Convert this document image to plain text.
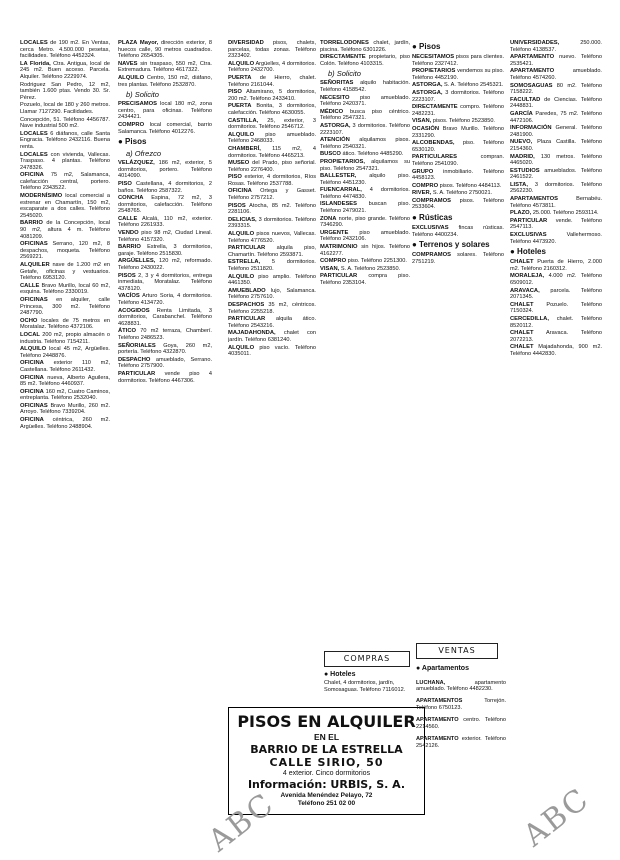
LOCALES de 190 m2. En Ventas, cerca Metro. 4.500.000 pesetas, facilidades. Teléfono 4452324.

LA Florida, Ctra. Antigua, local de 245 m2. Buen acceso. Parcela. Alquiler. Teléfono 2229974.

Rodriguez San Pedro, 12 m2, también 1.600 ptas. Vendo 30. Sr. Pérez.

Pozuelo, local de 180 y 260 metros. Llamar 7127290. Facilidades.

Concepción, 51. Teléfono 4456787. Nave industrial 500 m2.

LOCALES 6 diáfanos, calle Santa Engracia. Teléfono 2432116. Buena renta.

LOCALES con vivienda, Vallecas. Traspaso. 4 plantas. Teléfono 2478326.

OFICINA 75 m2, Salamanca, calefacción central, portero. Teléfono 2343522.

MODERNÍSIMO local comercial a estrenar en Chamartín, 150 m2, escaparate a dos calles. Teléfono 2545020.

BARRIO de la Concepción, local 90 m2, altura 4 m. Teléfono 4081209.

OFICINAS Serrano, 120 m2, 8 despachos, moqueta. Teléfono 2569221.

ALQUILER nave de 1.200 m2 en Getafe, oficinas y vestuarios. Teléfono 6953120.

CALLE Bravo Murillo, local 60 m2, esquina. Teléfono 2330019.

OFICINAS en alquiler, calle Princesa, 300 m2. Teléfono 2487790.

OCHO locales de 75 metros en Moratalaz. Teléfono 4372106.

LOCAL 200 m2, propio almacén o industria. Teléfono 7154211.

ALQUILO local 45 m2, Argüelles. Teléfono 2448876.

OFICINA exterior 110 m2, Castellana. Teléfono 2611432.

OFICINA nueva, Alberto Aguilera, 85 m2. Teléfono 4460937.

OFICINA 160 m2, Cuatro Caminos, entreplanta. Teléfono 2532040.

OFICINAS Bravo Murillo, 260 m2. Arroyo. Teléfono 7339204.

OFICINA céntrica, 260 m2. Argüelles. Teléfono 2488904.

PLAZA Mayor, dirección exterior, 8 huecos calle, 90 metros cuadrados. Teléfono 2654305.

NAVES sin traspaso, 550 m2, Ctra. Extremadura. Teléfono 4617322.

ALQUILO Centro, 150 m2, diáfano, tres plantas. Teléfono 2532870.

b) Solicito

PRECISAMOS local 180 m2, zona centro, para oficinas. Teléfono 2434421.

COMPRO local comercial, barrio Salamanca. Teléfono 4012276.

● Pisos
a) Ofrezco

VELÁZQUEZ, 186 m2, exterior, 5 dormitorios, portero. Teléfono 4014090.

PISO Castellana, 4 dormitorios, 2 baños. Teléfono 2587322.

CONCHA Espina, 72 m2, 3 dormitorios, calefacción. Teléfono 2548765.

CALLE Alcalá, 110 m2, exterior. Teléfono 2261933.

VENDO piso 98 m2, Ciudad Lineal. Teléfono 4157320.

BARRIO Estrella, 3 dormitorios, garaje. Teléfono 2515830.

ARGÜELLES, 120 m2, reformado. Teléfono 2430022.

PISOS 2, 3 y 4 dormitorios, entrega inmediata, Moratalaz. Teléfono 4378120.

VACÍOS Arturo Soria, 4 dormitorios. Teléfono 4134720.

ACOGIDOS Renta Limitada, 3 dormitorios, Carabanchel. Teléfono 4628831.

ÁTICO 70 m2 terraza, Chamberí. Teléfono 2486523.

SEÑORIALES Goya, 260 m2, portería. Teléfono 4322870.

DESPACHO amueblado, Serrano. Teléfono 2757900.

PARTICULAR vende piso 4 dormitorios. Teléfono 4467306.

DIVERSIDAD pisos, chalets, parcelas, todas zonas. Teléfono 2323402.

ALQUILO Argüelles, 4 dormitorios. Teléfono 2432700.

PUERTA de Hierro, chalet. Teléfono 2161044.

PISO Altamirano, 5 dormitorios, 200 m2. Teléfono 2433410.

PUERTA Bonita, 3 dormitorios, calefacción. Teléfono 4630055.

CASTILLA, 25, exterior, 3 dormitorios. Teléfono 2546712.

ALQUILO piso amueblado. Teléfono 2468033.

CHAMBERÍ, 115 m2, 4 dormitorios. Teléfono 4465213.

MUSEO del Prado, piso señorial. Teléfono 2276400.

PISO exterior, 4 dormitorios, Ríos Rosas. Teléfono 2537788.

OFICINA Ortega y Gasset. Teléfono 2757212.

PISOS Atocha, 85 m2. Teléfono 2281106.

DELICIAS, 3 dormitorios. Teléfono 2393315.

ALQUILO pisos nuevos, Vallecas. Teléfono 4776520.

PARTICULAR alquila piso, Chamartín. Teléfono 2593871.

ESTRELLA, 5 dormitorios. Teléfono 2511820.

ALQUILO piso amplio. Teléfono 4461350.

AMUEBLADO lujo, Salamanca. Teléfono 2757610.

DESPACHOS 35 m2, céntricos. Teléfono 2255218.

PARTICULAR alquila ático. Teléfono 2543216.

MAJADAHONDA, chalet con jardín. Teléfono 6381240.

ALQUILO piso vacío. Teléfono 4035011.

TORRELODONES chalet, jardín, piscina. Teléfono 6301226.

DIRECTAMENTE propietario, piso Colón. Teléfono 4103315.

b) Solicito

SEÑORITAS alquilo habitación. Teléfono 4158542.

NECESITO piso amueblado. Teléfono 2420371.

MÉDICO busca piso céntrico. Teléfono 2547321.

ASTORGA, 3 dormitorios. Teléfono 2223107.

ATENCIÓN alquilamos pisos. Teléfono 2540321.

BUSCO ático. Teléfono 4485290.

PROPIETARIOS, alquilamos su piso. Teléfono 2547321.

BALLESTER, alquilo piso. Teléfono 4451230.

FUENCARRAL, 4 dormitorios. Teléfono 4474830.

ISLANDESES buscan piso. Teléfono 2479021.

ZONA norte, piso grande. Teléfono 7346290.

URGENTE piso amueblado. Teléfono 2432106.

MATRIMONIO sin hijos. Teléfono 4162277.

COMPRO piso. Teléfono 2251300.

VISAN, S. A. Teléfono 2523850.

PARTICULAR compra piso. Teléfono 2353104.

● Pisos

NECESITAMOS pisos para clientes. Teléfono 2327412.

PROPIETARIOS vendemos su piso. Teléfono 4452190.

ASTORGA, S. A. Teléfono 2545321.

ASTORGA, 3 dormitorios. Teléfono 2223107.

DIRECTAMENTE compro. Teléfono 2482231.

VISAN, pisos. Teléfono 2523850.

OCASIÓN Bravo Murillo. Teléfono 2331290.

ALCOBENDAS, piso. Teléfono 6530120.

PARTICULARES compran. Teléfono 2541090.

GRUPO inmobiliario. Teléfono 4458123.

COMPRO pisos. Teléfono 4484113.

RIVER, S. A. Teléfono 2750021.

COMPRAMOS pisos. Teléfono 2533604.

● Rústicas

EXCLUSIVAS fincas rústicas. Teléfono 4400234.

● Terrenos y solares

COMPRAMOS solares. Teléfono 2751219.

UNIVERSIDADES, 250.000. Teléfono 4138537.

APARTAMENTO nuevo. Teléfono 2535421.

APARTAMENTO amueblado. Teléfono 4574260.

SOMOSAGUAS 80 m2. Teléfono 7158222.

FACULTAD de Ciencias. Teléfono 2448831.

GARCÍA Paredes, 75 m2. Teléfono 4472106.

INFORMACIÓN General. Teléfono 2481900.

NUEVO, Plaza Castilla. Teléfono 2154360.

MADRID, 130 metros. Teléfono 4465020.

ESTUDIOS amueblados. Teléfono 2461522.

LISTA, 3 dormitorios. Teléfono 2562230.

APARTAMENTOS Bernabéu. Teléfono 4573811.

PLAZO, 25.000. Teléfono 2593114.

PARTICULAR vende. Teléfono 2547113.

EXCLUSIVAS Vallehermoso. Teléfono 4473920.

● Hoteles

CHALET Puerta de Hierro, 2.000 m2. Teléfono 2160312.

MORALEJA, 4.000 m2. Teléfono 6509012.

ARAVACA, parcela. Teléfono 2071345.

CHALET Pozuelo. Teléfono 7150324.

CERCEDILLA, chalet. Teléfono 8520112.

CHALET Aravaca. Teléfono 2072213.

CHALET Majadahonda, 900 m2. Teléfono 4442830.

COMPRAS
VENTAS
PISOS EN ALQUILER
EN EL
BARRIO DE LA ESTRELLA
CALLE SIRIO, 50
4 exterior. Cinco dormitorios
Información: URBIS, S. A.
Avenida Menéndez Pelayo, 72
Teléfono 251 02 00
ABC	ABC
● Hoteles
Chalet, 4 dormitorios, jardín, Somosaguas. Teléfono 7116012.
● Apartamentos

LUCHANA, apartamento amueblado. Teléfono 4482230.

APARTAMENTOS Torrejón. Teléfono 6750123.

APARTAMENTO centro. Teléfono 2214560.

APARTAMENTO exterior. Teléfono 2542126.
